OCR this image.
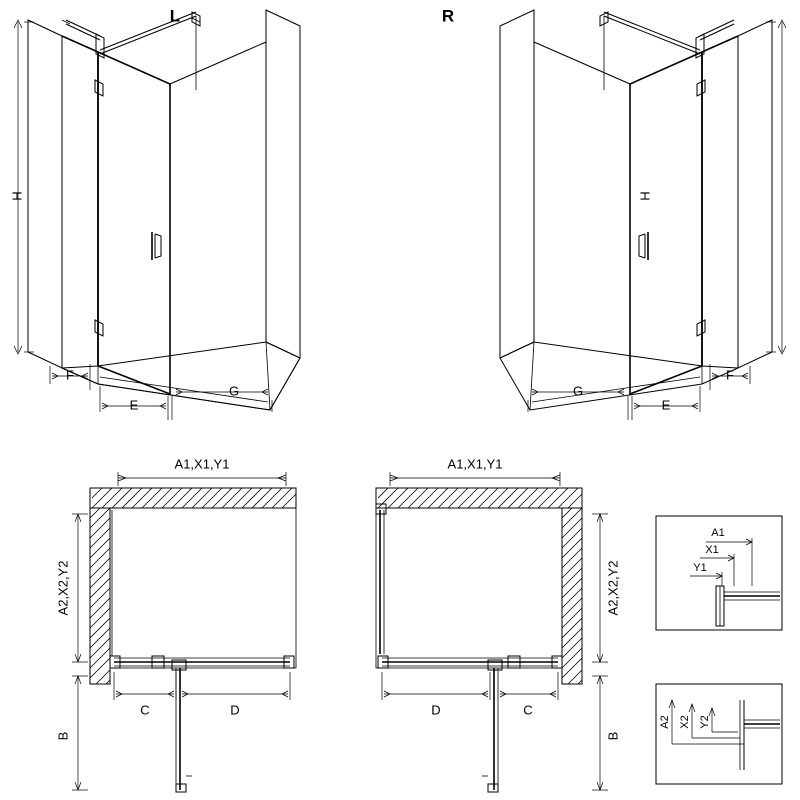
L
H
F
E
G
R
H
F
E
G
A1,X1,Y1
A2,X2,Y2
B
C	D
A1,X1,Y1
A2,X2,Y2
B
D	C
A1
X1
Y1
A2 X2 Y2
